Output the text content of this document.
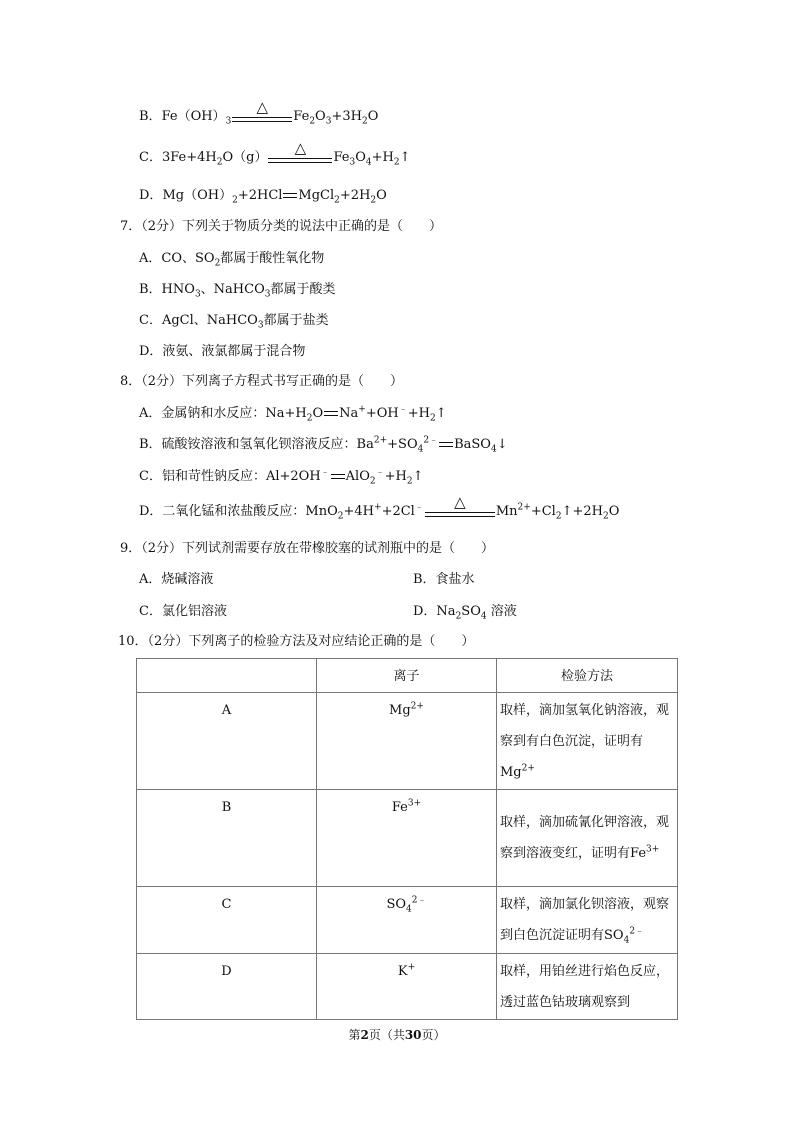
B．$Fe(OH)_3$
△
$Fe_2O_3+3H_2O$
C．$3Fe+4H_2O(g)$
△
$Fe_3O_4+H_2↑$
D．$Mg(OH)_2+2HCl$ $MgCl_2+2H_2O$
7．（2分）下列关于物质分类的说法中正确的是（　　）
A．CO、$SO_2$都属于酸性氧化物
B．$HNO_3$、NaHCO$_3$都属于酸类
C．AgCl、NaHCO$_3$都属于盐类
D．液氨、液氯都属于混合物
8．（2分）下列离子方程式书写正确的是（　　）
A．金属钠和水反应：$Na+H_2O$ $Na^++OH^﹣+H_2↑$
B．硫酸铵溶液和氢氧化钡溶液反应：$Ba^{2+}+SO_4^{2﹣}$ BaSO$_4$↓
C．铝和苛性钠反应：Al+2OH﹣ $AlO_2^﹣+H_2↑$
D．二氧化锰和浓盐酸反应：MnO$_2$+4H++2Cl﹣	△
$Mn^{2+}+Cl_2↑+2H_2O$
9．（2分）下列试剂需要存放在带橡胶塞的试剂瓶中的是（　　）
A．烧碱溶液	B．食盐水
C．氯化铝溶液	D．$Na_2SO_4$ 溶液
10．（2分）下列离子的检验方法及对应结论正确的是（　　）
	离子	检验方法
A	$Mg^{2+}$	取样，滴加氢氧化钠溶液，观察到有白色沉淀，证明有$Mg^{2+}$
B	$Fe^{3+}$	取样，滴加硫氰化钾溶液，观察到溶液变红，证明有$Fe^{3+}$
C	$SO_4^{2﹣}$	取样，滴加氯化钡溶液，观察到白色沉淀证明有$SO_4^{2﹣}$
D	K+	取样，用铂丝进行焰色反应，透过蓝色钴玻璃观察到
第2页（共30页）
